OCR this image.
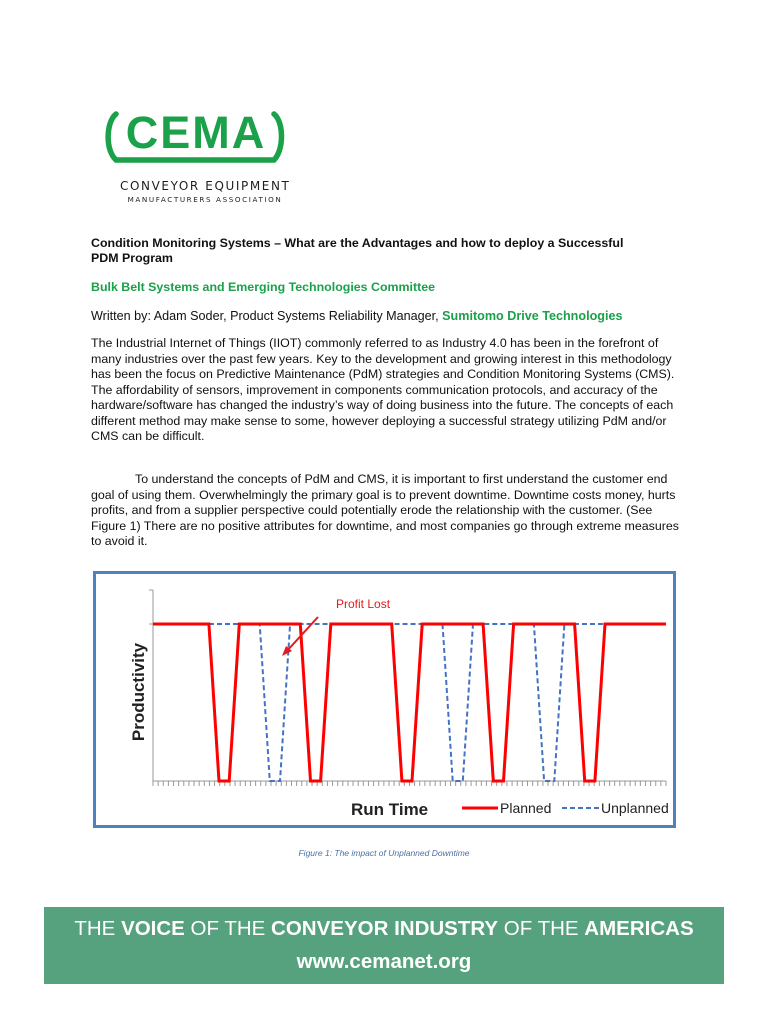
CEMA
CONVEYOR EQUIPMENT
MANUFACTURERS ASSOCIATION
Condition Monitoring Systems – What are the Advantages and how to deploy a Successful PDM Program
Bulk Belt Systems and Emerging Technologies Committee
Written by: Adam Soder, Product Systems Reliability Manager, Sumitomo Drive Technologies
The Industrial Internet of Things (IIOT) commonly referred to as Industry 4.0 has been in the forefront of many industries over the past few years. Key to the development and growing interest in this methodology has been the focus on Predictive Maintenance (PdM) strategies and Condition Monitoring Systems (CMS). The affordability of sensors, improvement in components communication protocols, and accuracy of the hardware/software has changed the industry’s way of doing business into the future. The concepts of each different method may make sense to some, however deploying a successful strategy utilizing PdM and/or CMS can be difficult.
To understand the concepts of PdM and CMS, it is important to first understand the customer end goal of using them. Overwhelmingly the primary goal is to prevent downtime. Downtime costs money, hurts profits, and from a supplier perspective could potentially erode the relationship with the customer. (See Figure 1) There are no positive attributes for downtime, and most companies go through extreme measures to avoid it.
Productivity
Run Time
Profit Lost
Planned	Unplanned
Figure 1: The impact of Unplanned Downtime
THE VOICE OF THE CONVEYOR INDUSTRY OF THE AMERICAS
www.cemanet.org
